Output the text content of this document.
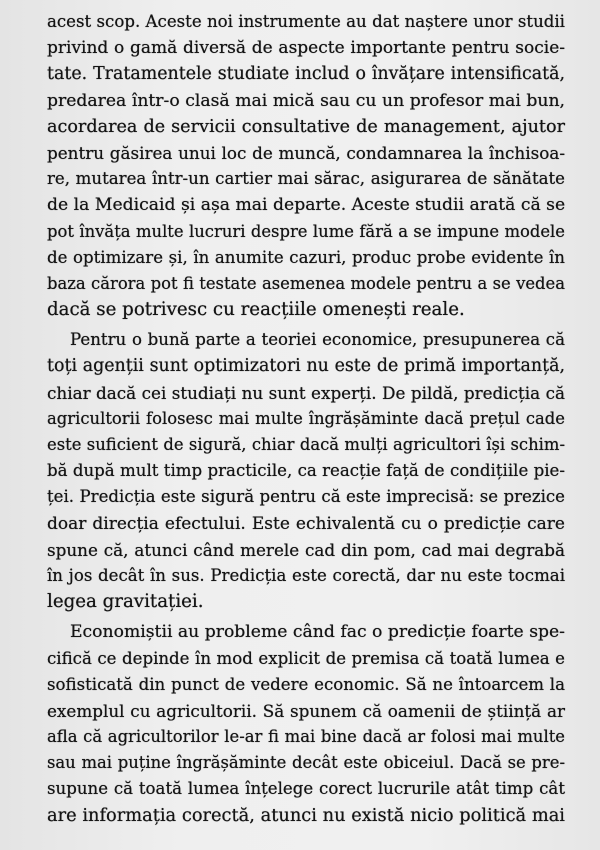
acest scop. Aceste noi instrumente au dat naștere unor studii
privind o gamă diversă de aspecte importante pentru socie-
tate. Tratamentele studiate includ o învățare intensificată,
predarea într-o clasă mai mică sau cu un profesor mai bun,
acordarea de servicii consultative de management, ajutor
pentru găsirea unui loc de muncă, condamnarea la închisoa-
re, mutarea într-un cartier mai sărac, asigurarea de sănătate
de la Medicaid și așa mai departe. Aceste studii arată că se
pot învăța multe lucruri despre lume fără a se impune modele
de optimizare și, în anumite cazuri, produc probe evidente în
baza cărora pot fi testate asemenea modele pentru a se vedea
dacă se potrivesc cu reacțiile omenești reale.
Pentru o bună parte a teoriei economice, presupunerea că
toți agenții sunt optimizatori nu este de primă importanță,
chiar dacă cei studiați nu sunt experți. De pildă, predicția că
agricultorii folosesc mai multe îngrășăminte dacă prețul cade
este suficient de sigură, chiar dacă mulți agricultori își schim-
bă după mult timp practicile, ca reacție față de condițiile pie-
ței. Predicția este sigură pentru că este imprecisă: se prezice
doar direcția efectului. Este echivalentă cu o predicție care
spune că, atunci când merele cad din pom, cad mai degrabă
în jos decât în sus. Predicția este corectă, dar nu este tocmai
legea gravitației.
Economiștii au probleme când fac o predicție foarte spe-
cifică ce depinde în mod explicit de premisa că toată lumea e
sofisticată din punct de vedere economic. Să ne întoarcem la
exemplul cu agricultorii. Să spunem că oamenii de știință ar
afla că agricultorilor le-ar fi mai bine dacă ar folosi mai multe
sau mai puține îngrășăminte decât este obiceiul. Dacă se pre-
supune că toată lumea înțelege corect lucrurile atât timp cât
are informația corectă, atunci nu există nicio politică mai
